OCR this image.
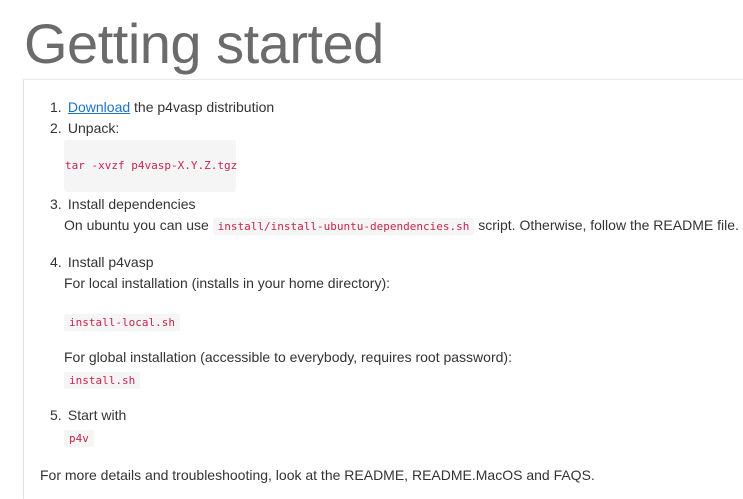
Getting started
1. Download the p4vasp distribution
2. Unpack:
tar -xvzf p4vasp-X.Y.Z.tgz
3. Install dependencies
On ubuntu you can use install/install-ubuntu-dependencies.sh script. Otherwise, follow the README file.
4. Install p4vasp
For local installation (installs in your home directory):
install-local.sh
For global installation (accessible to everybody, requires root password):
install.sh
5. Start with
p4v
For more details and troubleshooting, look at the README, README.MacOS and FAQS.
